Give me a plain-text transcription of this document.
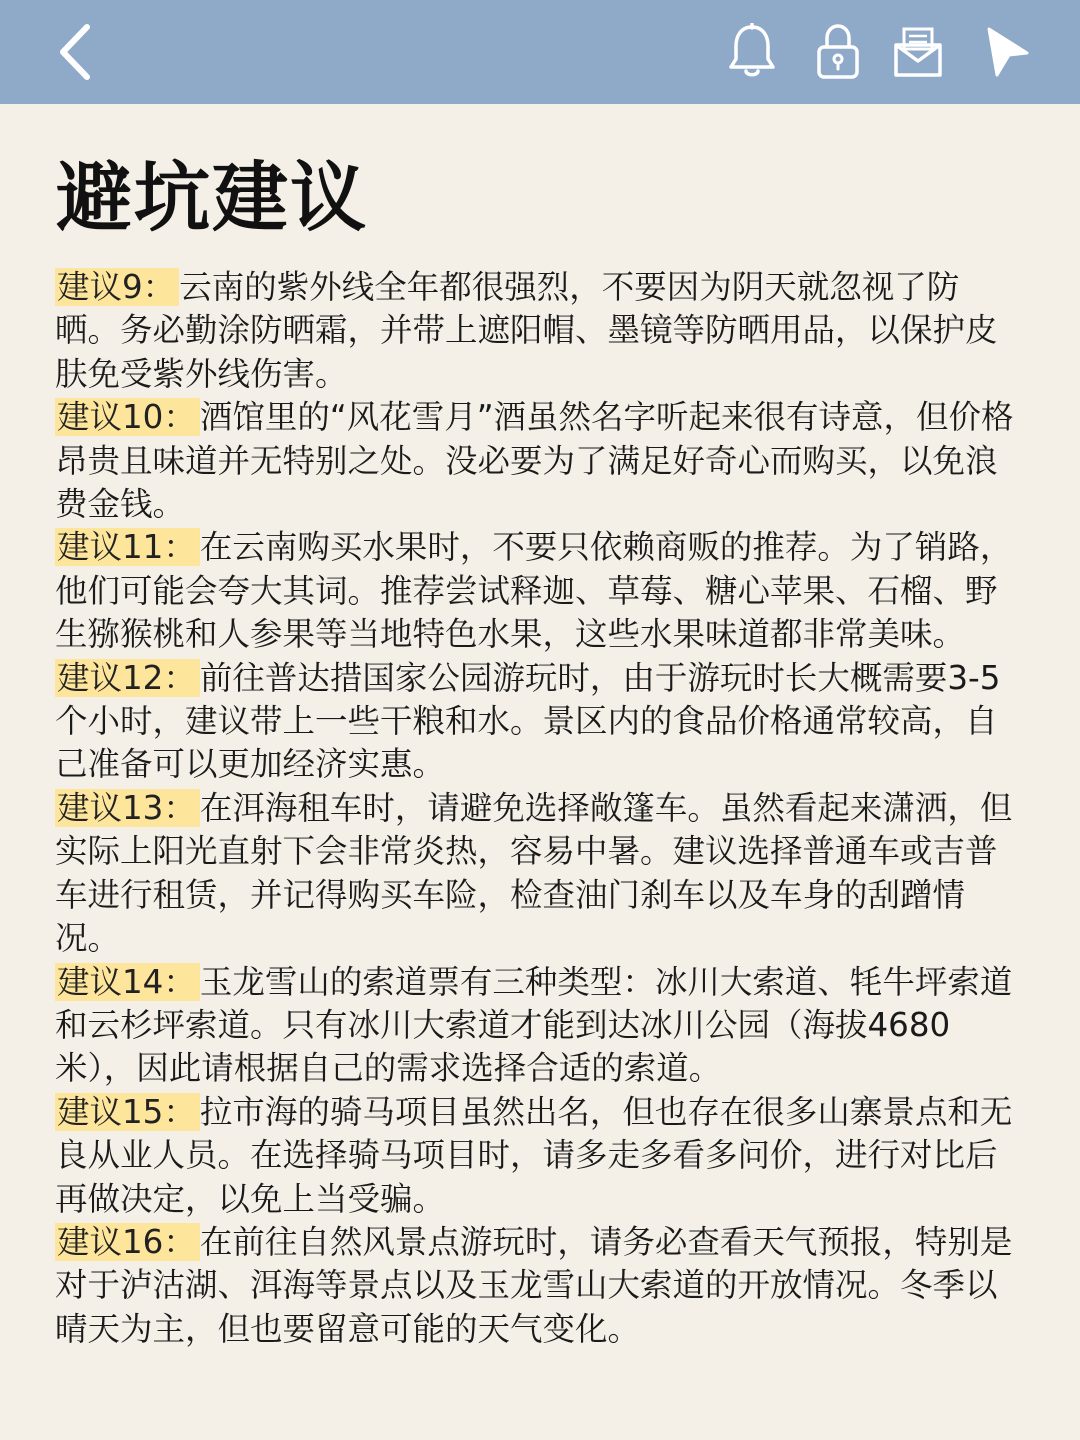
避坑建议

建议9： 云南的紫外线全年都很强烈，不要因为阴天就忽视了防晒。务必勤涂防晒霜，并带上遮阳帽、墨镜等防晒用品，以保护皮肤免受紫外线伤害。

建议10： 酒馆里的“风花雪月”酒虽然名字听起来很有诗意，但价格昂贵且味道并无特别之处。没必要为了满足好奇心而购买，以免浪费金钱。

建议11： 在云南购买水果时，不要只依赖商贩的推荐。为了销路，他们可能会夸大其词。推荐尝试释迦、草莓、糖心苹果、石榴、野生猕猴桃和人参果等当地特色水果，这些水果味道都非常美味。

建议12： 前往普达措国家公园游玩时，由于游玩时长大概需要3-5个小时，建议带上一些干粮和水。景区内的食品价格通常较高，自己准备可以更加经济实惠。

建议13： 在洱海租车时，请避免选择敞篷车。虽然看起来潇洒，但实际上阳光直射下会非常炎热，容易中暑。建议选择普通车或吉普车进行租赁，并记得购买车险，检查油门刹车以及车身的刮蹭情况。

建议14： 玉龙雪山的索道票有三种类型：冰川大索道、牦牛坪索道和云杉坪索道。只有冰川大索道才能到达冰川公园（海拔4680米），因此请根据自己的需求选择合适的索道。

建议15： 拉市海的骑马项目虽然出名，但也存在很多山寨景点和无良从业人员。在选择骑马项目时，请多走多看多问价，进行对比后再做决定，以免上当受骗。

建议16： 在前往自然风景点游玩时，请务必查看天气预报，特别是对于泸沽湖、洱海等景点以及玉龙雪山大索道的开放情况。冬季以晴天为主，但也要留意可能的天气变化。
